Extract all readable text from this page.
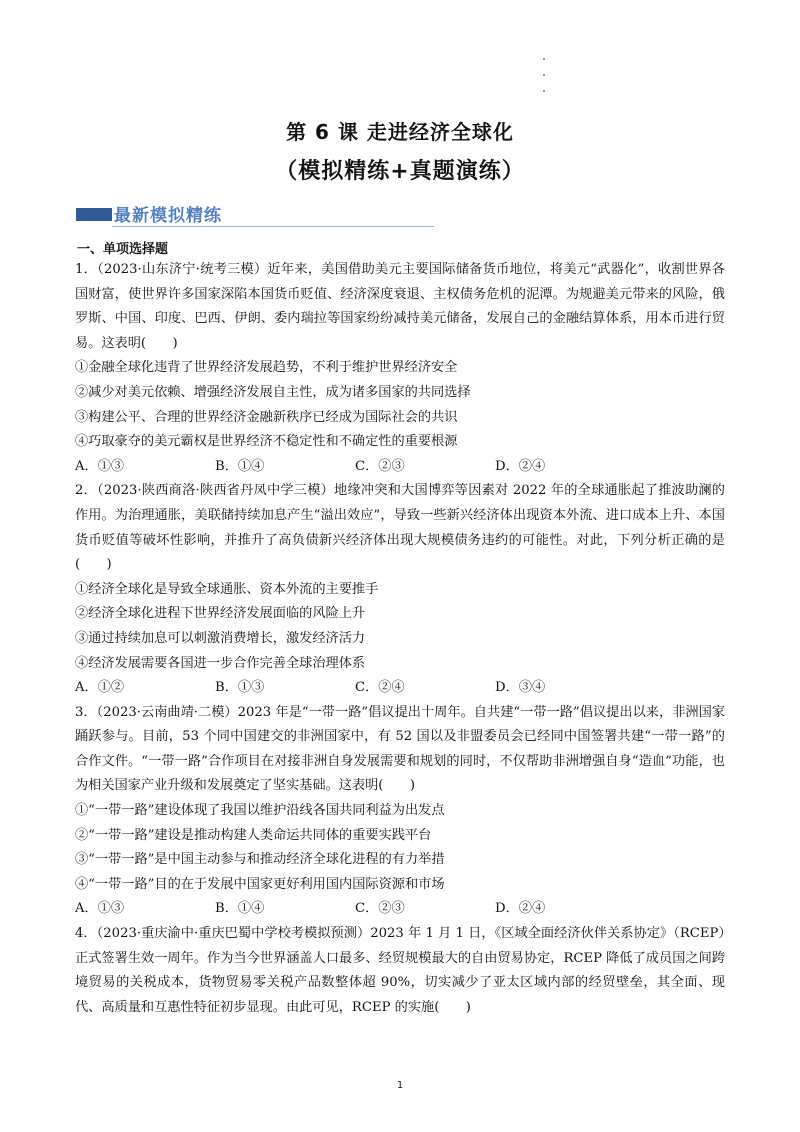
第 6 课 走进经济全球化
（模拟精练+真题演练）
最新模拟精练
一、单项选择题

1．（2023·山东济宁·统考三模）近年来，美国借助美元主要国际储备货币地位，将美元“武器化”，收割世界各国财富，使世界许多国家深陷本国货币贬值、经济深度衰退、主权债务危机的泥潭。为规避美元带来的风险，俄罗斯、中国、印度、巴西、伊朗、委内瑞拉等国家纷纷减持美元储备，发展自己的金融结算体系，用本币进行贸易。这表明(　　)

①金融全球化违背了世界经济发展趋势，不利于维护世界经济安全

②减少对美元依赖、增强经济发展自主性，成为诸多国家的共同选择

③构建公平、合理的世界经济金融新秩序已经成为国际社会的共识

④巧取豪夺的美元霸权是世界经济不稳定性和不确定性的重要根源

A．①③	B．①④	C．②③	D．②④

2．（2023·陕西商洛·陕西省丹凤中学三模）地缘冲突和大国博弈等因素对 2022 年的全球通胀起了推波助澜的作用。为治理通胀，美联储持续加息产生“溢出效应”，导致一些新兴经济体出现资本外流、进口成本上升、本国货币贬值等破坏性影响，并推升了高负债新兴经济体出现大规模债务违约的可能性。对此，下列分析正确的是(　　)

①经济全球化是导致全球通胀、资本外流的主要推手

②经济全球化进程下世界经济发展面临的风险上升

③通过持续加息可以刺激消费增长，激发经济活力

④经济发展需要各国进一步合作完善全球治理体系

A．①②	B．①③	C．②④	D．③④

3．（2023·云南曲靖·二模）2023 年是“一带一路”倡议提出十周年。自共建“一带一路”倡议提出以来，非洲国家踊跃参与。目前，53 个同中国建交的非洲国家中，有 52 国以及非盟委员会已经同中国签署共建“一带一路”的合作文件。“一带一路”合作项目在对接非洲自身发展需要和规划的同时，不仅帮助非洲增强自身“造血”功能，也为相关国家产业升级和发展奠定了坚实基础。这表明(　　)

①“一带一路”建设体现了我国以维护沿线各国共同利益为出发点

②“一带一路”建设是推动构建人类命运共同体的重要实践平台

③“一带一路”是中国主动参与和推动经济全球化进程的有力举措

④“一带一路”目的在于发展中国家更好利用国内国际资源和市场

A．①③	B．①④	C．②③	D．②④

4．（2023·重庆渝中·重庆巴蜀中学校考模拟预测）2023 年 1 月 1 日，《区域全面经济伙伴关系协定》（RCEP）正式签署生效一周年。作为当今世界涵盖人口最多、经贸规模最大的自由贸易协定，RCEP 降低了成员国之间跨境贸易的关税成本，货物贸易零关税产品数整体超 90%，切实减少了亚太区域内部的经贸壁垒，其全面、现代、高质量和互惠性特征初步显现。由此可见，RCEP 的实施(　　)

1
